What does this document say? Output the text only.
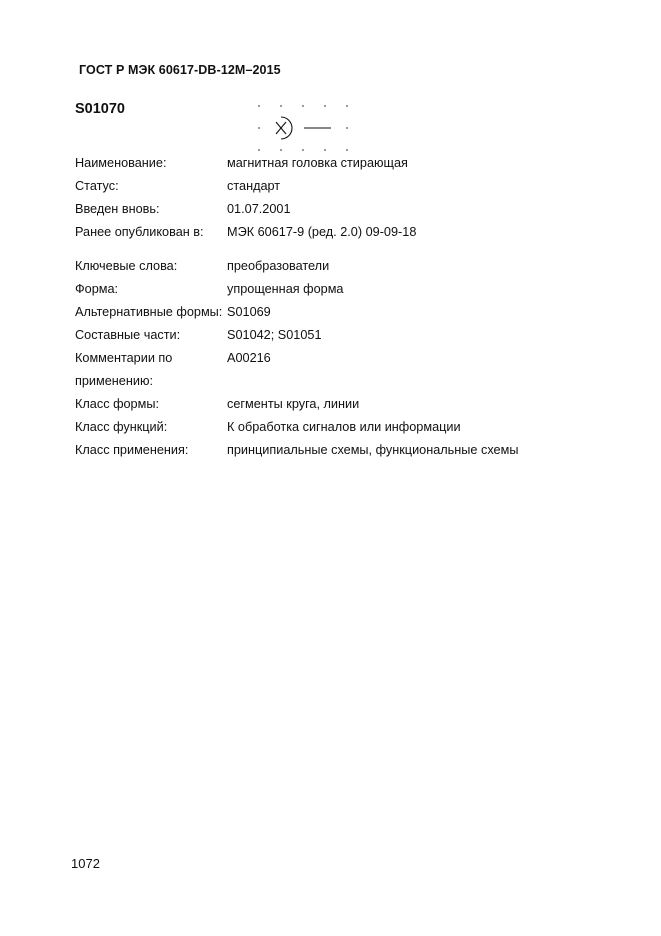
ГОСТ Р МЭК 60617-DB-12M–2015
S01070
Наименование:	магнитная головка стирающая
Статус:	стандарт
Введен вновь:	01.07.2001
Ранее опубликован в:	МЭК 60617-9 (ред. 2.0) 09-09-18
Ключевые слова:	преобразователи
Форма:	упрощенная форма
Альтернативные формы: S01069
Составные части:	S01042; S01051
Комментарии по применению:
A00216
Класс формы:	сегменты круга, линии
Класс функций:	К обработка сигналов или информации
Класс применения:	принципиальные схемы, функциональные схемы
1072
